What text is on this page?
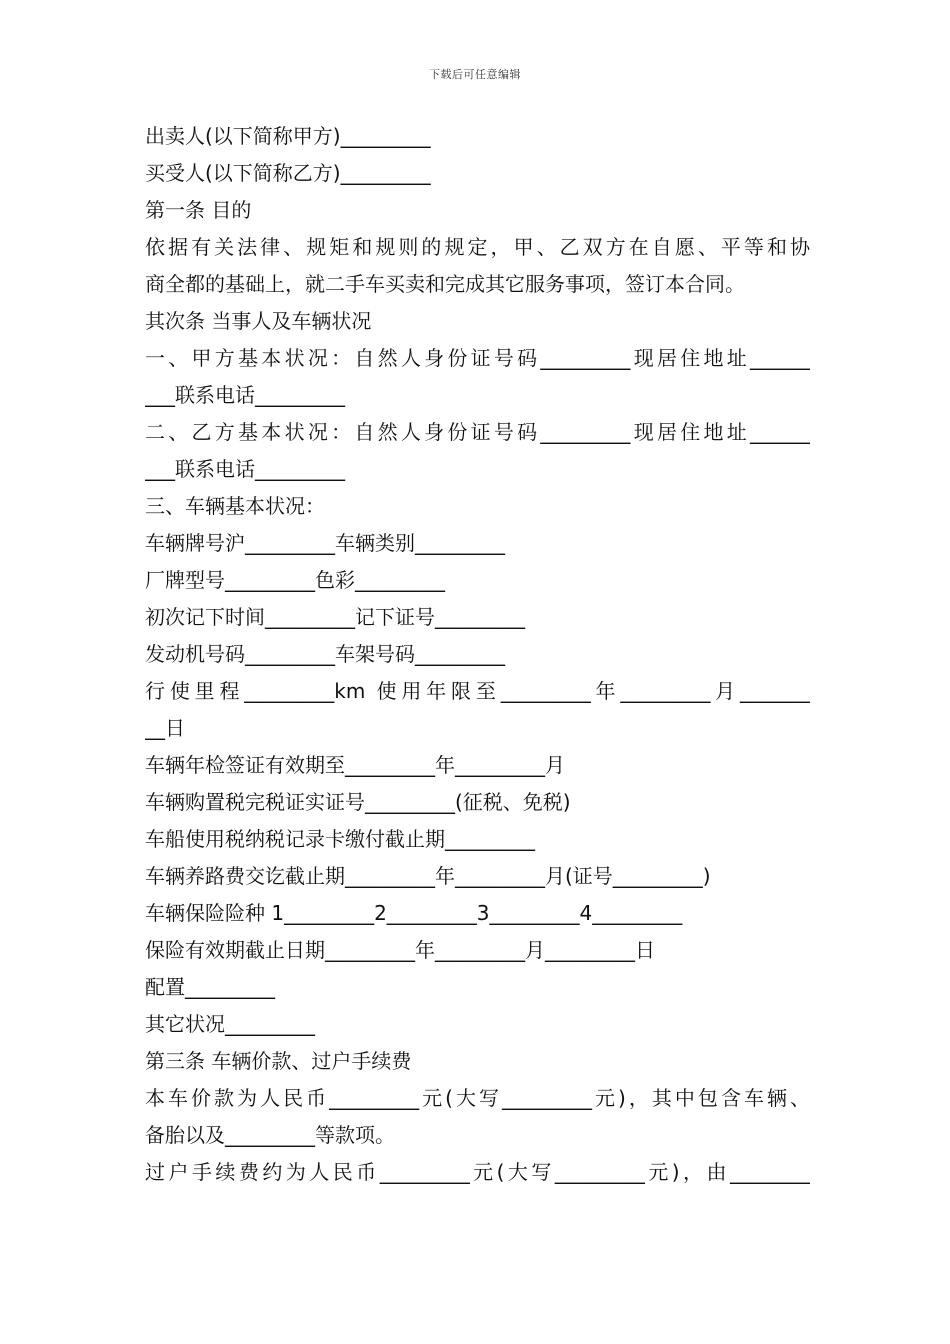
下载后可任意编辑
出卖人(以下简称甲方)_________
买受人(以下简称乙方)_________
第一条 目的
依据有关法律、规矩和规则的规定，甲、乙双方在自愿、平等和协
商全都的基础上，就二手车买卖和完成其它服务事项，签订本合同。
其次条 当事人及车辆状况
一、甲方基本状况：自然人身份证号码_________现居住地址______
___联系电话_________
二、乙方基本状况：自然人身份证号码_________现居住地址______
___联系电话_________
三、车辆基本状况：
车辆牌号沪_________车辆类别_________
厂牌型号_________色彩_________
初次记下时间_________记下证号_________
发动机号码_________车架号码_________
行使里程_________km 使用年限至_________年_________月_______
__日
车辆年检签证有效期至_________年_________月
车辆购置税完税证实证号_________(征税、免税)
车船使用税纳税记录卡缴付截止期_________
车辆养路费交讫截止期_________年_________月(证号_________)
车辆保险险种 1_________2_________3_________4_________
保险有效期截止日期_________年_________月_________日
配置_________
其它状况_________
第三条 车辆价款、过户手续费
本车价款为人民币_________元(大写_________元)，其中包含车辆、
备胎以及_________等款项。
过户手续费约为人民币_________元(大写_________元)，由________
